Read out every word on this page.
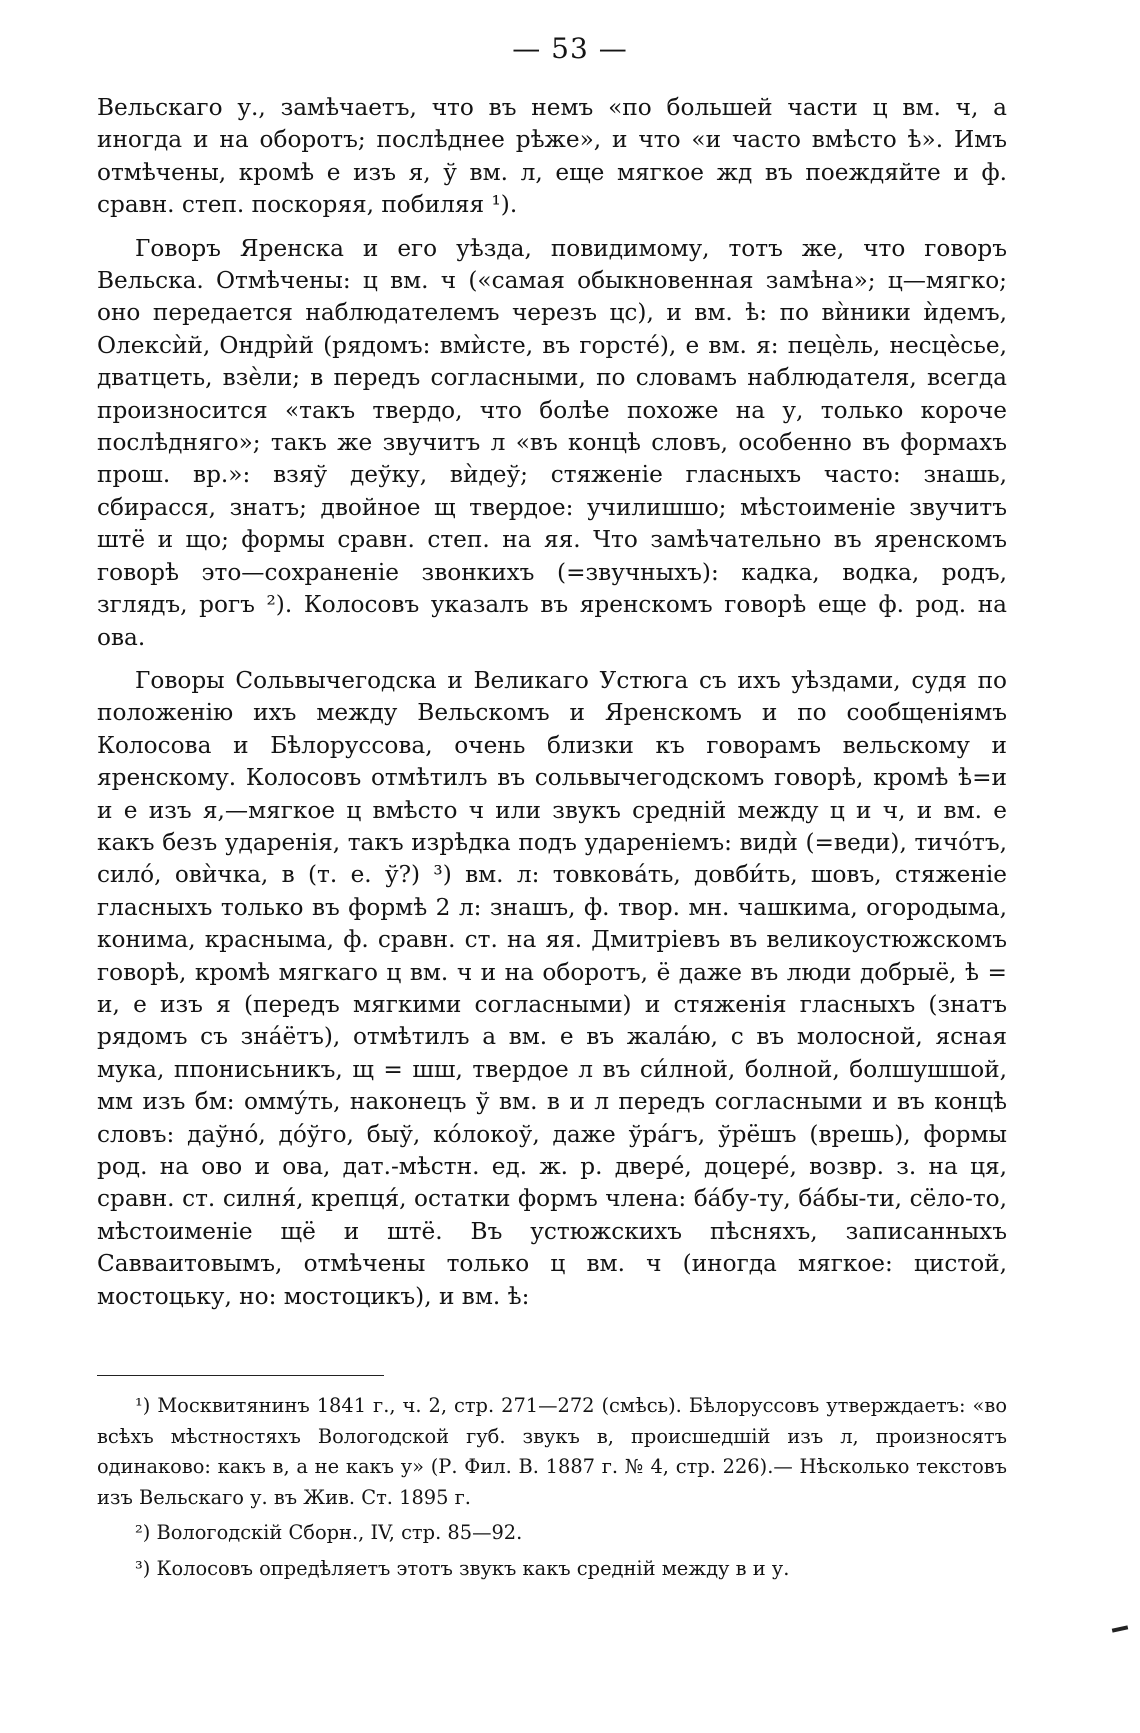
— 53 —

Вельскаго у., замѣчаетъ, что въ немъ «по большей части ц вм. ч, а иногда и на оборотъ; послѣднее рѣже», и что «и часто вмѣсто ѣ». Имъ отмѣчены, кромѣ е изъ я, ў вм. л, еще мягкое жд въ поеждяйте и ф. сравн. степ. поскоряя, побиляя ¹).

Говоръ Яренска и его уѣзда, повидимому, тотъ же, что говоръ Вельска. Отмѣчены: ц вм. ч («самая обыкновенная замѣна»; ц—мягко; оно передается наблюдателемъ черезъ цс), и вм. ѣ: по вѝники ѝдемъ, Олексѝй, Ондрѝй (рядомъ: вмѝсте, въ горсте́), е вм. я: пецѐль, несцѐсье, дватцеть, взѐли; в передъ согласными, по словамъ наблюдателя, всегда произносится «такъ твердо, что болѣе похоже на у, только короче послѣдняго»; такъ же звучитъ л «въ концѣ словъ, особенно въ формахъ прош. вр.»: взяў деўку, вѝдеў; стяженіе гласныхъ часто: знашь, сбирасся, знатъ; двойное щ твердое: училишшо; мѣстоименіе звучитъ штё и що; формы сравн. степ. на яя. Что замѣчательно въ яренскомъ говорѣ это—сохраненіе звонкихъ (=звучныхъ): кадка, водка, родъ, зглядъ, рогъ ²). Колосовъ указалъ въ яренскомъ говорѣ еще ф. род. на ова.

Говоры Сольвычегодска и Великаго Устюга съ ихъ уѣздами, судя по положенію ихъ между Вельскомъ и Яренскомъ и по сообщеніямъ Колосова и Бѣлоруссова, очень близки къ говорамъ вельскому и яренскому. Колосовъ отмѣтилъ въ сольвычегодскомъ говорѣ, кромѣ ѣ=и и е изъ я,—мягкое ц вмѣсто ч или звукъ средній между ц и ч, и вм. е какъ безъ ударенія, такъ изрѣдка подъ удареніемъ: видѝ (=веди), тичо́тъ, сило́, овѝчка, в (т. е. ў?) ³) вм. л: товкова́ть, довби́ть, шовъ, стяженіе гласныхъ только въ формѣ 2 л: знашъ, ф. твор. мн. чашкима, огородыма, конима, красныма, ф. сравн. ст. на яя. Дмитріевъ въ великоустюжскомъ говорѣ, кромѣ мягкаго ц вм. ч и на оборотъ, ё даже въ люди добрыё, ѣ = и, е изъ я (передъ мягкими согласными) и стяженія гласныхъ (знатъ рядомъ съ зна́ётъ), отмѣтилъ а вм. е въ жала́ю, с въ молосной, ясная мука, ппонисьникъ, щ = шш, твердое л въ си́лной, болной, болшушшой, мм изъ бм: омму́ть, наконецъ ў вм. в и л передъ согласными и въ концѣ словъ: даўно́, до́ўго, быў, ко́локоў, даже ўра́гъ, ўрёшъ (врешь), формы род. на ово и ова, дат.-мѣстн. ед. ж. р. двере́, доцере́, возвр. з. на ця, сравн. ст. силня́, крепця́, остатки формъ члена: ба́бу-ту, ба́бы-ти, сёло-то, мѣстоименіе щё и штё. Въ устюжскихъ пѣсняхъ, записанныхъ Савваитовымъ, отмѣчены только ц вм. ч (иногда мягкое: цистой, мостоцьку, но: мостоцикъ), и вм. ѣ:

¹) Москвитянинъ 1841 г., ч. 2, стр. 271—272 (смѣсь). Бѣлоруссовъ утверждаетъ: «во всѣхъ мѣстностяхъ Вологодской губ. звукъ в, происшедшій изъ л, произносятъ одинаково: какъ в, а не какъ у» (Р. Фил. В. 1887 г. № 4, стр. 226).— Нѣсколько текстовъ изъ Вельскаго у. въ Жив. Ст. 1895 г.

²) Вологодскій Сборн., IV, стр. 85—92.

³) Колосовъ опредѣляетъ этотъ звукъ какъ средній между в и у.
